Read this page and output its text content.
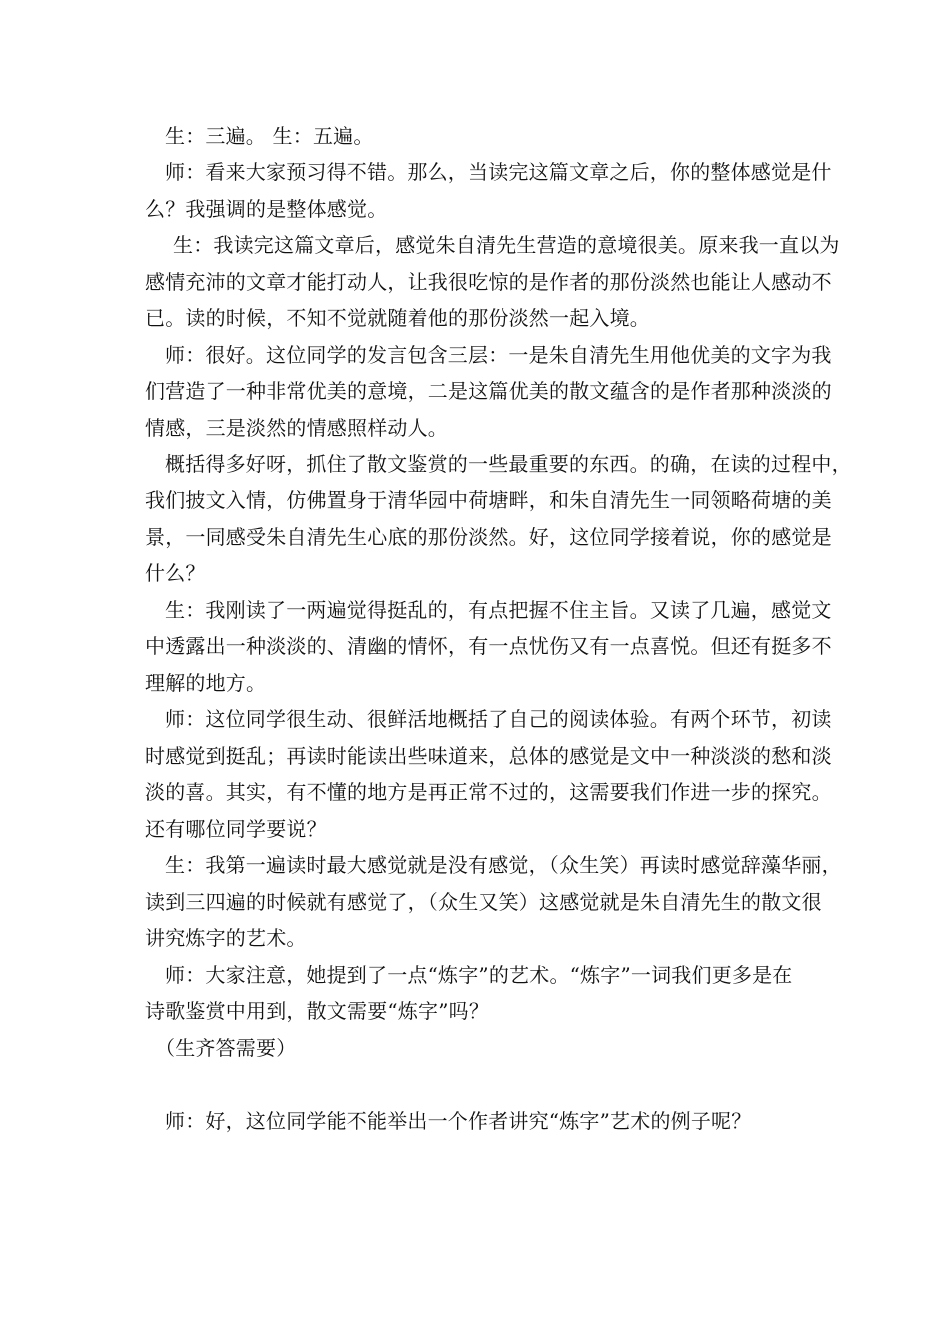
生：三遍。 生：五遍。
师：看来大家预习得不错。那么，当读完这篇文章之后，你的整体感觉是什
么？我强调的是整体感觉。
生：我读完这篇文章后，感觉朱自清先生营造的意境很美。原来我一直以为
感情充沛的文章才能打动人，让我很吃惊的是作者的那份淡然也能让人感动不
已。读的时候，不知不觉就随着他的那份淡然一起入境。
师：很好。这位同学的发言包含三层：一是朱自清先生用他优美的文字为我
们营造了一种非常优美的意境，二是这篇优美的散文蕴含的是作者那种淡淡的
情感，三是淡然的情感照样动人。
概括得多好呀，抓住了散文鉴赏的一些最重要的东西。的确，在读的过程中，
我们披文入情，仿佛置身于清华园中荷塘畔，和朱自清先生一同领略荷塘的美
景，一同感受朱自清先生心底的那份淡然。好，这位同学接着说，你的感觉是
什么？
生：我刚读了一两遍觉得挺乱的，有点把握不住主旨。又读了几遍，感觉文
中透露出一种淡淡的、清幽的情怀，有一点忧伤又有一点喜悦。但还有挺多不
理解的地方。
师：这位同学很生动、很鲜活地概括了自己的阅读体验。有两个环节，初读
时感觉到挺乱；再读时能读出些味道来，总体的感觉是文中一种淡淡的愁和淡
淡的喜。其实，有不懂的地方是再正常不过的，这需要我们作进一步的探究。
还有哪位同学要说？
生：我第一遍读时最大感觉就是没有感觉，（众生笑）再读时感觉辞藻华丽，
读到三四遍的时候就有感觉了，（众生又笑）这感觉就是朱自清先生的散文很
讲究炼字的艺术。
师：大家注意，她提到了一点“炼字”的艺术。“炼字”一词我们更多是在
诗歌鉴赏中用到，散文需要“炼字”吗？
（生齐答需要）
师：好，这位同学能不能举出一个作者讲究“炼字”艺术的例子呢？
